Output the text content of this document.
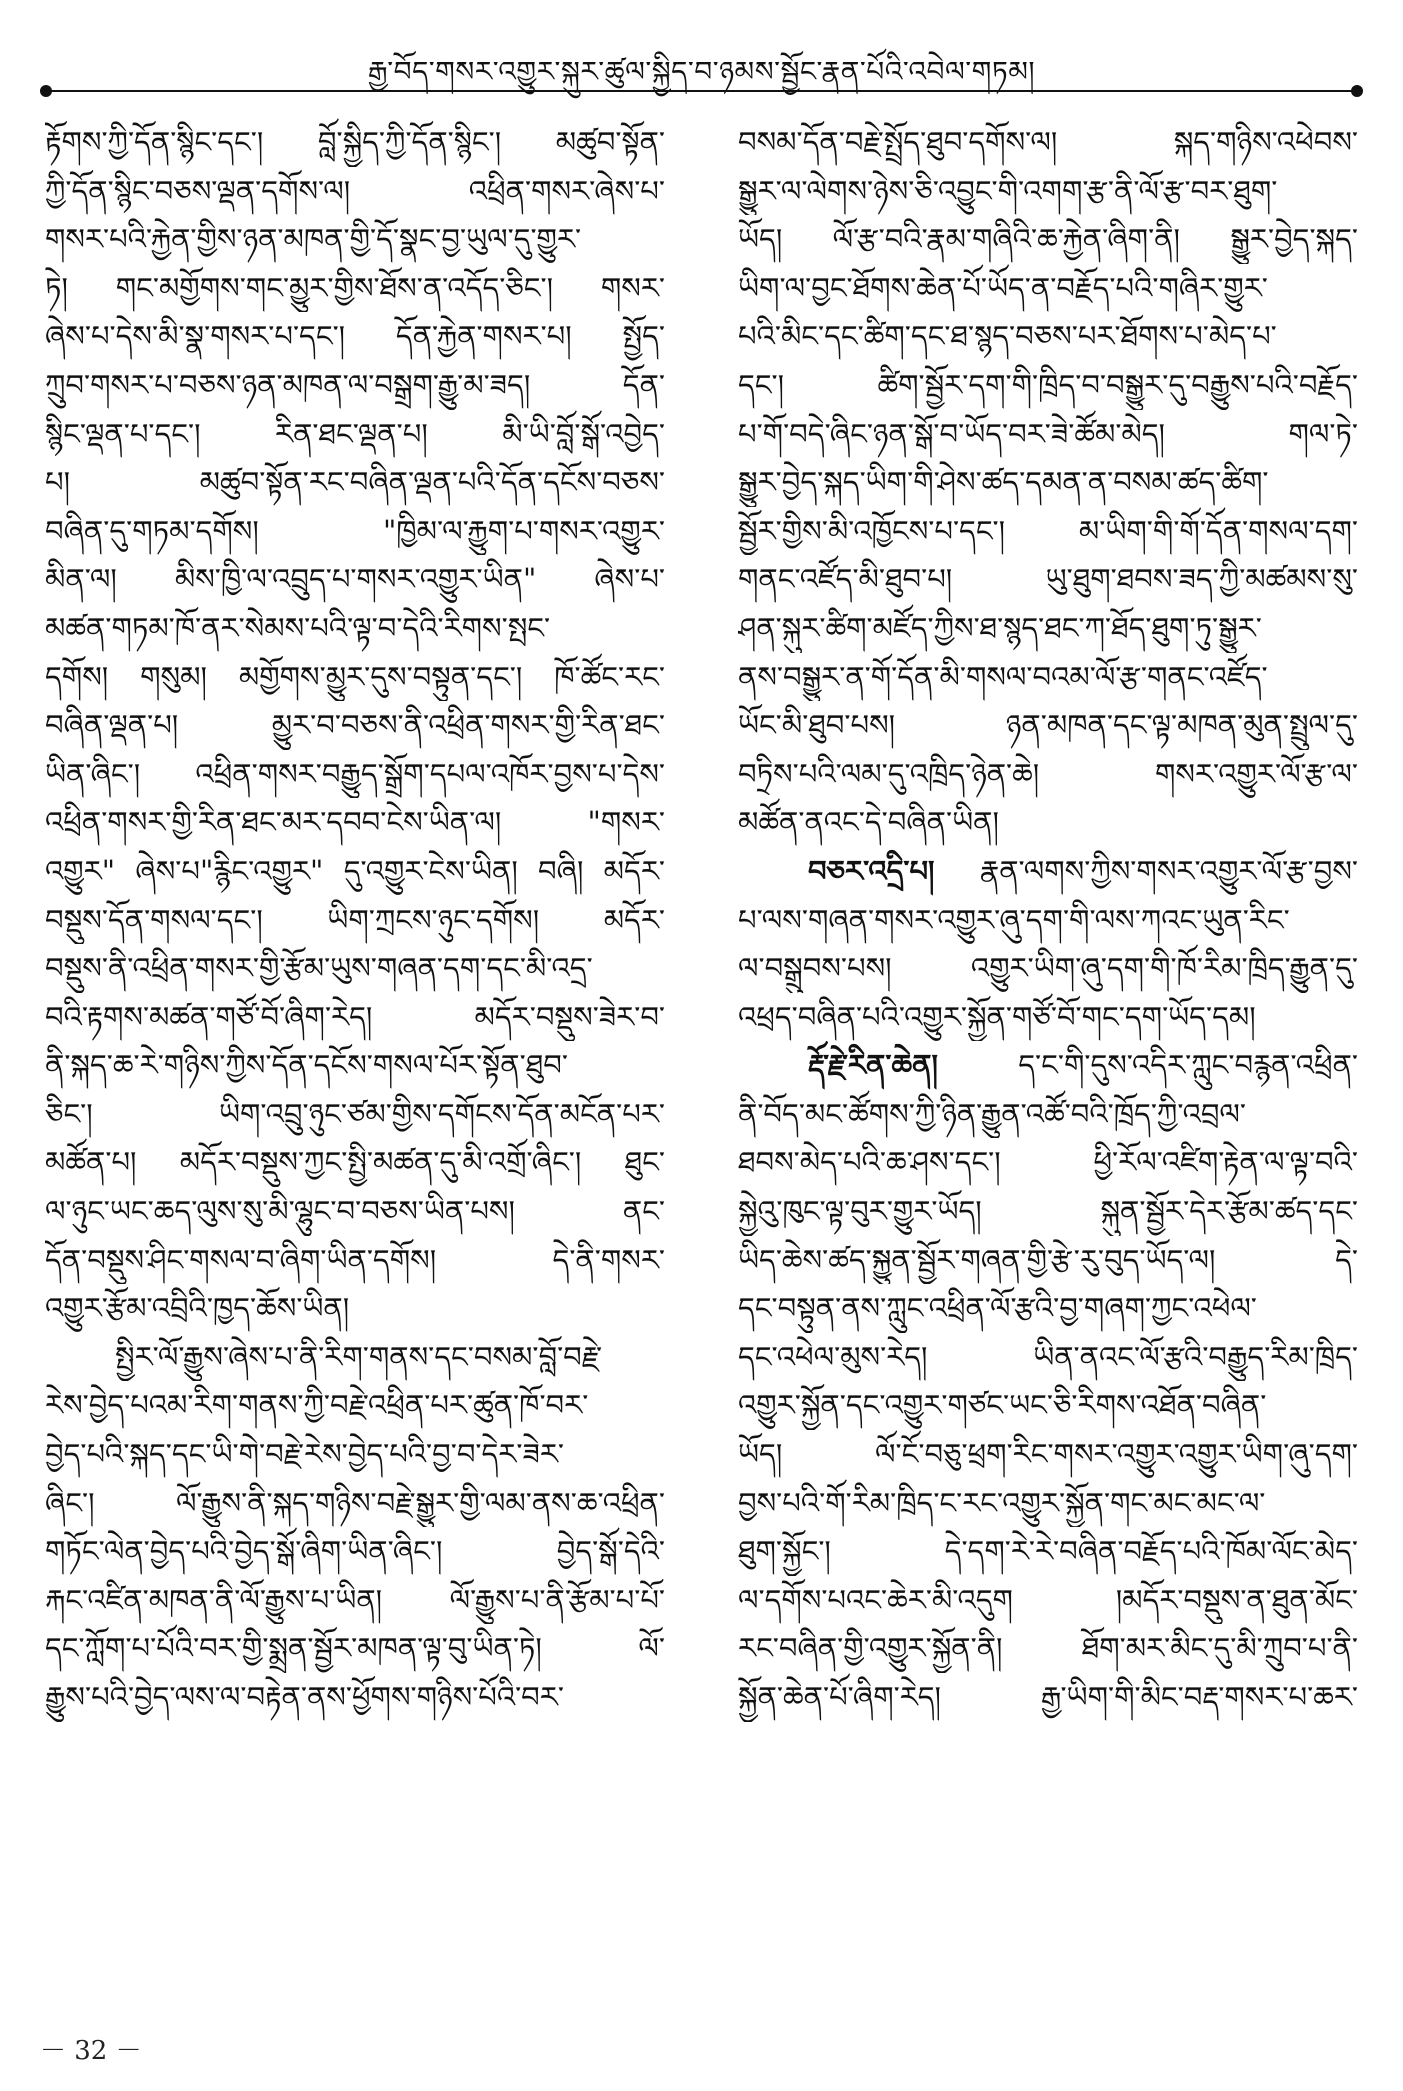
རྒྱ་བོད་གསར་འགྱུར་སྐུར་ཚུལ་སྐྱིད་བ་ཉམས་སྦྱོང་རྣན་པོའི་འབེལ་གཏམ།
རྟོགས་ཀྱི་དོན་སྙིང་དང་། བློ་སྐྱིད་ཀྱི་དོན་སྙིང་། མཚུབ་སྟོན་
ཀྱི་དོན་སྙིང་བཅས་ལྡན་དགོས་ལ། འཕྲིན་གསར་ཞེས་པ་
གསར་པའི་རྐྱེན་གྱིས་ཉན་མཁན་གྱི་དོ་སྣང་བྱ་ཡུལ་དུ་གྱུར་
ཏེ། གང་མགྱོགས་གང་མྱུར་གྱིས་ཐོས་ན་འདོད་ཅིང་། གསར་
ཞེས་པ་དེས་མི་སྣ་གསར་པ་དང་། དོན་རྐྱེན་གསར་པ། སྤྱོད་
ཀྲུབ་གསར་པ་བཅས་ཉན་མཁན་ལ་བསྒྲག་རྒྱུ་མ་ཟད། དོན་
སྙིང་ལྡན་པ་དང་། རིན་ཐང་ལྡན་པ། མི་ཡི་བློ་སྒོ་འབྱེད་
པ། མཚུབ་སྟོན་རང་བཞིན་ལྡན་པའི་དོན་དངོས་བཅས་
བཞིན་དུ་གཏམ་དགོས། "ཁྱིམ་ལ་རྐྱུག་པ་གསར་འགྱུར་
མིན་ལ། མིས་ཁྱི་ལ་འབྲུད་པ་གསར་འགྱུར་ཡིན" ཞེས་པ་
མཚན་གཏམ་ཁོ་ནར་སེམས་པའི་ལྟ་བ་དེའི་རིགས་སྤང་
དགོས། གསུམ། མགྱོགས་མྱུར་དུས་བསྟུན་དང་། ཁོ་ཚོང་རང་
བཞིན་ལྡན་པ། མྱུར་བ་བཅས་ནི་འཕྲིན་གསར་གྱི་རིན་ཐང་
ཡིན་ཞིང་། འཕྲིན་གསར་བརྒྱུད་སྒྲོག་དཔལ་འཁོར་བྱས་པ་དེས་
འཕྲིན་གསར་གྱི་རིན་ཐང་མར་དབབ་ངེས་ཡིན་ལ། "གསར་
འགྱུར" ཞེས་པ"རྙིང་འགྱུར" དུ་འགྱུར་ངེས་ཡིན། བཞི། མདོར་
བསྡུས་དོན་གསལ་དང་། ཡིག་ཀྲངས་ཉུང་དགོས། མདོར་
བསྡུས་ནི་འཕྲིན་གསར་གྱི་རྩོམ་ཡུས་གཞན་དག་དང་མི་འདྲ་
བའི་རྟགས་མཚན་གཙོ་བོ་ཞིག་རེད། མདོར་བསྡུས་ཟེར་བ་
ནི་སྐད་ཆ་རེ་གཉིས་ཀྱིས་དོན་དངོས་གསལ་པོར་སྟོན་ཐུབ་
ཅིང་། ཡིག་འབྲུ་ཉུང་ཙམ་གྱིས་དགོངས་དོན་མངོན་པར་
མཚོན་པ། མདོར་བསྡུས་ཀྱང་སྤྱི་མཚན་དུ་མི་འགྲོ་ཞིང་། ཐུང་
ལ་ཉུང་ཡང་ཆད་ལུས་སུ་མི་ལྷུང་བ་བཅས་ཡིན་པས། ནང་
དོན་བསྡུས་ཤིང་གསལ་བ་ཞིག་ཡིན་དགོས། དེ་ནི་གསར་
འགྱུར་རྩོམ་འབྲིའི་ཁྱད་ཆོས་ཡིན།
སྤྱིར་ལོ་རྒྱུས་ཞེས་པ་ནི་རིག་གནས་དང་བསམ་བློ་བརྗེ་
རེས་བྱེད་པའམ་རིག་གནས་ཀྱི་བརྗེ་འཕྲིན་པར་ཚུན་ཁོ་བར་
བྱེད་པའི་སྐད་དང་ཡི་གེ་བརྗེ་རེས་བྱེད་པའི་བྱ་བ་དེར་ཟེར་
ཞིང་། ལོ་རྒྱུས་ནི་སྐད་གཉིས་བརྗེ་སྒྱུར་གྱི་ལམ་ནས་ཆ་འཕྲིན་
གཏོང་ལེན་བྱེད་པའི་བྱེད་སྒོ་ཞིག་ཡིན་ཞིང་། བྱེད་སྒོ་དེའི་
རྐང་འཛིན་མཁན་ནི་ལོ་རྒྱུས་པ་ཡིན། ལོ་རྒྱུས་པ་ནི་རྩོམ་པ་པོ་
དང་ཀློག་པ་པོའི་བར་གྱི་སྨྲན་སྦྱོར་མཁན་ལྟ་བུ་ཡིན་ཏེ། ལོ་
རྒྱུས་པའི་བྱེད་ལས་ལ་བརྟེན་ནས་ཕྱོགས་གཉིས་པོའི་བར་
བསམ་དོན་བརྗེ་སྤྲོད་ཐུབ་དགོས་ལ། སྐད་གཉིས་འཕེབས་
སྒྱུར་ལ་ལེགས་ཉེས་ཅི་འབྱུང་གི་འགག་རྩ་ནི་ལོ་རྩ་བར་ཐུག་
ཡོད། ལོ་རྩ་བའི་རྣམ་གཞིའི་ཆ་རྐྱེན་ཞིག་ནི། སྒྱུར་བྱེད་སྐད་
ཡིག་ལ་བྱང་ཐོགས་ཆེན་པོ་ཡོད་ན་བརྗོད་པའི་གཞིར་གྱུར་
པའི་མིང་དང་ཚིག་དང་ཐ་སྙད་བཅས་པར་ཐོགས་པ་མེད་པ་
དང་། ཚིག་སྦྱོར་དག་གི་ཁྲིད་བ་བསྒྱུར་དུ་བརྒྱུས་པའི་བརྗོད་
པ་གོ་བདེ་ཞིང་ཉན་སྒོ་བ་ཡོད་བར་ཟེ་ཚོམ་མེད། གལ་ཏེ་
སྒྱུར་བྱེད་སྐད་ཡིག་གི་ཤེས་ཚད་དམན་ན་བསམ་ཚད་ཚིག་
སྦྱོར་གྱིས་མི་འཁྱོངས་པ་དང་། མ་ཡིག་གི་གོ་དོན་གསལ་དག་
གནང་འཛོད་མི་ཐུབ་པ། ཡུ་ཐུག་ཐབས་ཟད་ཀྱི་མཚམས་སུ་
ཤན་སྐུར་ཚིག་མཛོད་ཀྱིས་ཐ་སྙད་ཐང་ཀ་ཐོད་ཐུག་ཏུ་སྒྱུར་
ནས་བསྒྱུར་ན་གོ་དོན་མི་གསལ་བའམ་ལོ་རྩ་གནང་འཛོད་
ཡོང་མི་ཐུབ་པས། ཉན་མཁན་དང་ལྟ་མཁན་མུན་སྤྲུལ་དུ་
བཏྲིས་པའི་ལམ་དུ་འཁྲིད་ཉེན་ཆེ། གསར་འགྱུར་ལོ་རྩ་ལ་
མཚོན་ནའང་དེ་བཞིན་ཡིན།
བཅར་འདྲི་པ། རྣན་ལགས་ཀྱིས་གསར་འགྱུར་ལོ་རྩ་བྱས་
པ་ལས་གཞན་གསར་འགྱུར་ཞུ་དག་གི་ལས་ཀའང་ཡུན་རིང་
ལ་བསྒྲུབས་པས། འགྱུར་ཡིག་ཞུ་དག་གི་ཁོ་རིམ་ཁྲིད་རྒྱུན་དུ་
འཕྲད་བཞིན་པའི་འགྱུར་སྐྱོན་གཙོ་བོ་གང་དག་ཡོད་དམ།
རྡོ་རྗེ་རིན་ཆེན།	ད་ང་གི་དུས་འདིར་ཀླུང་བརྙན་འཕྲིན་
ནི་བོད་མང་ཚོགས་ཀྱི་ཉིན་རྒྱུན་འཚོ་བའི་ཁྲོད་ཀྱི་འབྲལ་
ཐབས་མེད་པའི་ཆ་ཤས་དང་། ཕྱི་རོལ་འཛིག་རྟེན་ལ་ལྟ་བའི་
སྐྱེའུ་ཁུང་ལྟ་བུར་གྱུར་ཡོད། སྐུན་སྦྱོར་དེར་རྩོམ་ཚད་དང་
ཡིད་ཆེས་ཚད་སྐྱུན་སྦྱོར་གཞན་གྱི་རྩེ་རུ་བུད་ཡོད་ལ། དེ་
དང་བསྟུན་ནས་ཀླུང་འཕྲིན་ལོ་རྩའི་བྱ་གཞག་ཀྱང་འཕེལ་
དང་འཕེལ་མུས་རེད། ཡིན་ནའང་ལོ་རྩའི་བརྒྱུད་རིམ་ཁྲིད་
འགྱུར་སྐྱོན་དང་འགྱུར་གཙང་ཡང་ཅི་རིགས་འཐོན་བཞིན་
ཡོད། ལོ་ངོ་བཅུ་ཕྲག་རིང་གསར་འགྱུར་འགྱུར་ཡིག་ཞུ་དག་
བྱས་པའི་གོ་རིམ་ཁྲིད་ང་རང་འགྱུར་སྐྱོན་གང་མང་མང་ལ་
ཐུག་སྐྱོང་། དེ་དག་རེ་རེ་བཞིན་བརྗོད་པའི་ཁོམ་ལོང་མེད་
ལ་དགོས་པའང་ཆེར་མི་འདུག །མདོར་བསྡུས་ན་ཐུན་མོང་
རང་བཞིན་གྱི་འགྱུར་སྐྱོན་ནི། ཐོག་མར་མིང་དུ་མི་ཀྲུབ་པ་ནི་
སྐྱོན་ཆེན་པོ་ཞིག་རེད། རྒྱ་ཡིག་གི་མིང་བརྡ་གསར་པ་ཆར་
－ 32 －
